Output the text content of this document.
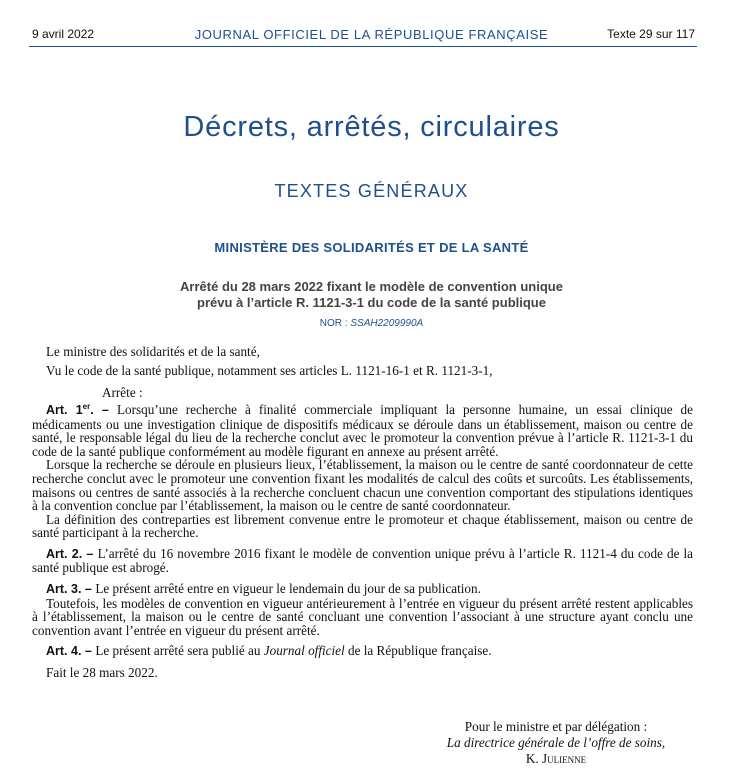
9 avril 2022	JOURNAL OFFICIEL DE LA RÉPUBLIQUE FRANÇAISE	Texte 29 sur 117
Décrets, arrêtés, circulaires
TEXTES GÉNÉRAUX
MINISTÈRE DES SOLIDARITÉS ET DE LA SANTÉ
Arrêté du 28 mars 2022 fixant le modèle de convention unique
prévu à l’article R. 1121-3-1 du code de la santé publique
NOR : SSAH2209990A

Le ministre des solidarités et de la santé,

Vu le code de la santé publique, notamment ses articles L. 1121-16-1 et R. 1121-3-1,

Arrête :

Art. 1er. – Lorsqu’une recherche à finalité commerciale impliquant la personne humaine, un essai clinique de médicaments ou une investigation clinique de dispositifs médicaux se déroule dans un établissement, maison ou centre de santé, le responsable légal du lieu de la recherche conclut avec le promoteur la convention prévue à l’article R. 1121-3-1 du code de la santé publique conformément au modèle figurant en annexe au présent arrêté.

Lorsque la recherche se déroule en plusieurs lieux, l’établissement, la maison ou le centre de santé coordonnateur de cette recherche conclut avec le promoteur une convention fixant les modalités de calcul des coûts et surcoûts. Les établissements, maisons ou centres de santé associés à la recherche concluent chacun une convention comportant des stipulations identiques à la convention conclue par l’établissement, la maison ou le centre de santé coordonnateur.

La définition des contreparties est librement convenue entre le promoteur et chaque établissement, maison ou centre de santé participant à la recherche.

Art. 2. – L’arrêté du 16 novembre 2016 fixant le modèle de convention unique prévu à l’article R. 1121-4 du code de la santé publique est abrogé.

Art. 3. – Le présent arrêté entre en vigueur le lendemain du jour de sa publication.

Toutefois, les modèles de convention en vigueur antérieurement à l’entrée en vigueur du présent arrêté restent applicables à l’établissement, la maison ou le centre de santé concluant une convention l’associant à une structure ayant conclu une convention avant l’entrée en vigueur du présent arrêté.

Art. 4. – Le présent arrêté sera publié au Journal officiel de la République française.

Fait le 28 mars 2022.

Pour le ministre et par délégation :
La directrice générale de l’offre de soins,
K. Julienne
